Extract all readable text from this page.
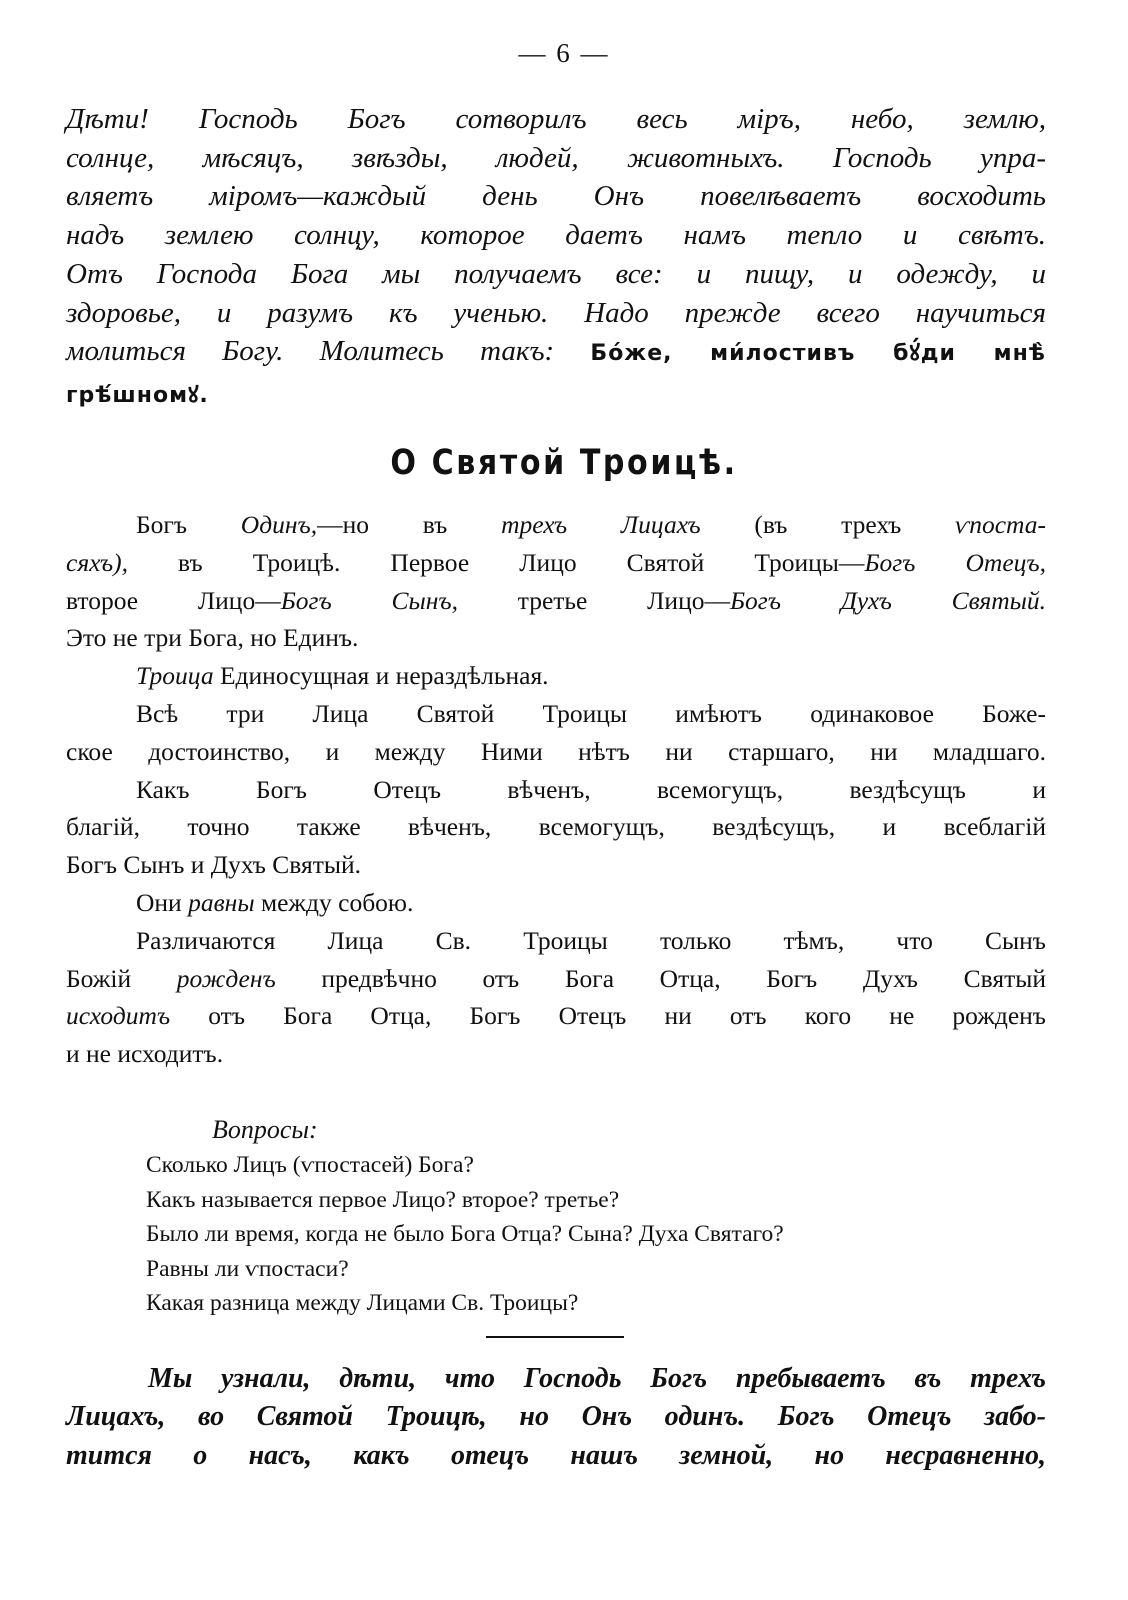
— 6 —
Дѣти! Господь Богъ сотворилъ весь міръ, небо, землю,
солнце, мѣсяцъ, звѣзды, людей, животныхъ. Господь упра-
вляетъ міромъ—каждый день Онъ повелѣваетъ восходить
надъ землею солнцу, которое даетъ намъ тепло и свѣтъ.
Отъ Господа Бога мы получаемъ все: и пищу, и одежду, и
здоровье, и разумъ къ ученью. Надо прежде всего научиться
молиться Богу. Молитесь такъ: Бо́же, ми́лостивъ бꙋ́ди мнѣ̀
грѣ́шномꙋ.
О Святой Троицѣ.
Богъ Одинъ,—но въ трехъ Лицахъ (въ трехъ ѵпоста-
сяхъ), въ Троицѣ. Первое Лицо Святой Троицы—Богъ Отецъ,
второе Лицо—Богъ Сынъ, третье Лицо—Богъ Духъ Святый.
Это не три Бога, но Единъ.
Троица Единосущная и нераздѣльная.
Всѣ три Лица Святой Троицы имѣютъ одинаковое Боже-
ское достоинство, и между Ними нѣтъ ни старшаго, ни младшаго.
Какъ Богъ Отецъ вѣченъ, всемогущъ, вездѣсущъ и
благій, точно также вѣченъ, всемогущъ, вездѣсущъ, и всеблагій
Богъ Сынъ и Духъ Святый.
Они равны между собою.
Различаются Лица Св. Троицы только тѣмъ, что Сынъ
Божій рожденъ предвѣчно отъ Бога Отца, Богъ Духъ Святый
исходитъ отъ Бога Отца, Богъ Отецъ ни отъ кого не рожденъ
и не исходитъ.
Вопросы:
Сколько Лицъ (ѵпостасей) Бога?
Какъ называется первое Лицо? второе? третье?
Было ли время, когда не было Бога Отца? Сына? Духа Святаго?
Равны ли ѵпостаси?
Какая разница между Лицами Св. Троицы?
Мы узнали, дѣти, что Господь Богъ пребываетъ въ трехъ
Лицахъ, во Святой Троицѣ, но Онъ одинъ. Богъ Отецъ забо-
тится о насъ, какъ отецъ нашъ земной, но несравненно,
